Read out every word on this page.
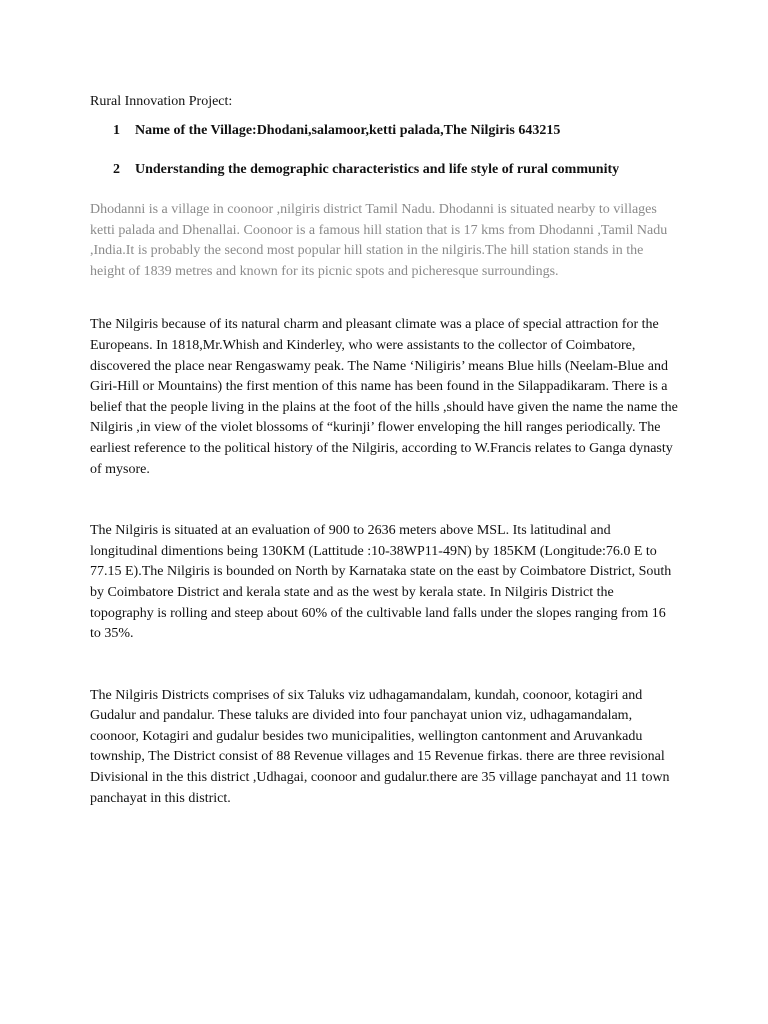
Rural Innovation Project:

1	Name of the Village:Dhodani,salamoor,ketti palada,The Nilgiris 643215
2	Understanding the demographic characteristics and life style of rural community

Dhodanni is a village in coonoor ,nilgiris district Tamil Nadu. Dhodanni is situated nearby to villages ketti palada and Dhenallai. Coonoor is a famous hill station that is 17 kms from Dhodanni ,Tamil Nadu ,India.It is probably the second most popular hill station in the nilgiris.The hill station stands in the height of 1839 metres and known for its picnic spots and picheresque surroundings.

The Nilgiris because of its natural charm and pleasant climate was a place of special attraction for the Europeans. In 1818,Mr.Whish and Kinderley, who were assistants to the collector of Coimbatore, discovered the place near Rengaswamy peak. The Name ‘Niligiris’ means Blue hills (Neelam-Blue and Giri-Hill or Mountains) the first mention of this name has been found in the Silappadikaram. There is a belief that the people living in the plains at the foot of the hills ,should have given the name the name the Nilgiris ,in view of the violet blossoms of “kurinji’ flower enveloping the hill ranges periodically. The earliest reference to the political history of the Nilgiris, according to W.Francis relates to Ganga dynasty of mysore.

The Nilgiris is situated at an evaluation of 900 to 2636 meters above MSL. Its latitudinal and longitudinal dimentions being 130KM (Lattitude :10-38WP11-49N) by 185KM (Longitude:76.0 E to 77.15 E).The Nilgiris is bounded on North by Karnataka state on the east by Coimbatore District, South by Coimbatore District and kerala state and as the west by kerala state. In Nilgiris District the topography is rolling and steep about 60% of the cultivable land falls under the slopes ranging from 16 to 35%.

The Nilgiris Districts comprises of six Taluks viz udhagamandalam, kundah, coonoor, kotagiri and Gudalur and pandalur. These taluks are divided into four panchayat union viz, udhagamandalam, coonoor, Kotagiri and gudalur besides two municipalities, wellington cantonment and Aruvankadu township, The District consist of 88 Revenue villages and 15 Revenue firkas. there are three revisional Divisional in the this district ,Udhagai, coonoor and gudalur.there are 35 village panchayat and 11 town panchayat in this district.
